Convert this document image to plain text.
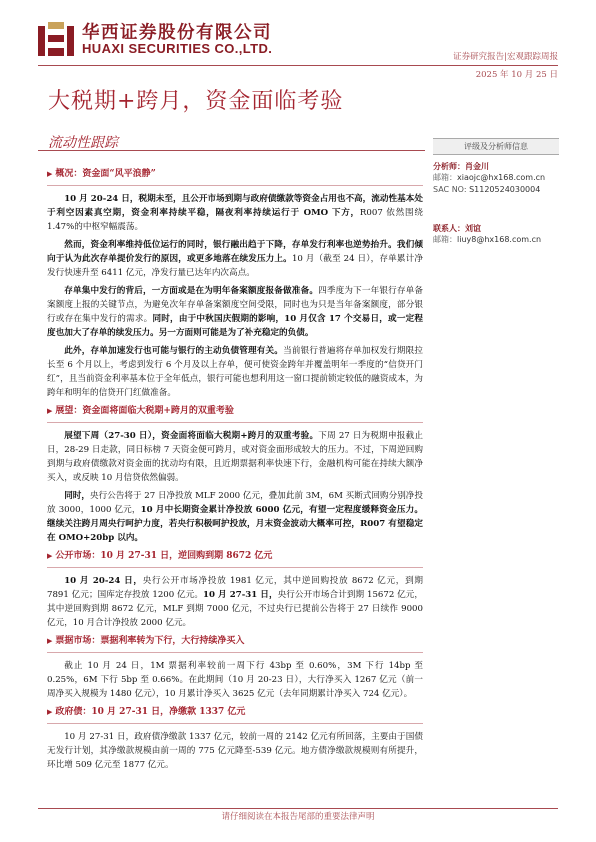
华西证券股份有限公司
HUAXI SECURITIES CO.,LTD.
证券研究报告|宏观跟踪周报
2025 年 10 月 25 日
大税期+跨月，资金面临考验
流动性跟踪	评级及分析师信息
分析师：肖金川
邮箱：xiaojc@hx168.com.cn
SAC NO: S1120524030004
联系人：刘谊
邮箱：liuy8@hx168.com.cn
▶ 概况：资金面“风平浪静”
10 月 20-24 日，税期未至，且公开市场到期与政府债缴款等资金占用也不高，流动性基本处于利空因素真空期，资金利率持续平稳，隔夜利率持续运行于 OMO 下方，R007 依然围绕 1.47%的中枢窄幅震荡。
然而，资金利率维持低位运行的同时，银行融出趋于下降，存单发行利率也逆势抬升。我们倾向于认为此次存单提价发行的原因，或更多地落在续发压力上。10 月（截至 24 日），存单累计净发行快速升至 6411 亿元，净发行量已达年内次高点。
存单集中发行的背后，一方面或是在为明年备案额度报备做准备。四季度为下一年银行存单备案额度上报的关键节点，为避免次年存单备案额度空间受限，同时也为只是当年备案额度，部分银行或存在集中发行的需求。同时，由于中秋国庆假期的影响，10 月仅含 17 个交易日，或一定程度也加大了存单的续发压力。另一方面则可能是为了补充稳定的负债。
此外，存单加速发行也可能与银行的主动负债管理有关。当前银行普遍将存单加权发行期限拉长至 6 个月以上，考虑到发行 6 个月及以上存单，便可使资金跨年并覆盖明年一季度的“信贷开门红”，且当前资金利率基本位于全年低点，银行可能也想利用这一窗口提前锁定较低的融资成本，为跨年和明年的信贷开门红做准备。
▶ 展望：资金面将面临大税期+跨月的双重考验
展望下周（27-30 日），资金面将面临大税期+跨月的双重考验。下周 27 日为税期申报截止日，28-29 日走款，同日标榜 7 天资金便可跨月，或对资金面形成较大的压力。不过，下周逆回购到期与政府债缴款对资金面的扰动均有限，且近期票据利率快速下行，金融机构可能在持续大额净买入，或反映 10 月信贷依然偏弱。
同时，央行公告将于 27 日净投放 MLF 2000 亿元，叠加此前 3M，6M 买断式回购分别净投放 3000，1000 亿元，10 月中长期资金累计净投放 6000 亿元，有望一定程度缓释资金压力。继续关注跨月周央行呵护力度，若央行积极呵护投放，月末资金波动大概率可控，R007 有望稳定在 OMO+20bp 以内。
▶ 公开市场：10 月 27-31 日，逆回购到期 8672 亿元
10 月 20-24 日，央行公开市场净投放 1981 亿元，其中逆回购投放 8672 亿元，到期 7891 亿元；国库定存投放 1200 亿元。10 月 27-31 日，央行公开市场合计到期 15672 亿元，其中逆回购到期 8672 亿元，MLF 到期 7000 亿元，不过央行已提前公告将于 27 日续作 9000 亿元，10 月合计净投放 2000 亿元。
▶ 票据市场：票据利率转为下行，大行持续净买入
截止 10 月 24 日，1M 票据利率较前一周下行 43bp 至 0.60%，3M 下行 14bp 至 0.25%，6M 下行 5bp 至 0.66%。在此期间（10 月 20-23 日），大行净买入 1267 亿元（前一周净买入规模为 1480 亿元），10 月累计净买入 3625 亿元（去年同期累计净买入 724 亿元）。
▶ 政府债：10 月 27-31 日，净缴款 1337 亿元
10 月 27-31 日，政府债净缴款 1337 亿元，较前一周的 2142 亿元有所回落，主要由于国债无发行计划，其净缴款规模由前一周的 775 亿元降至-539 亿元。地方债净缴款规模则有所提升，环比增 509 亿元至 1877 亿元。
请仔细阅读在本报告尾部的重要法律声明
